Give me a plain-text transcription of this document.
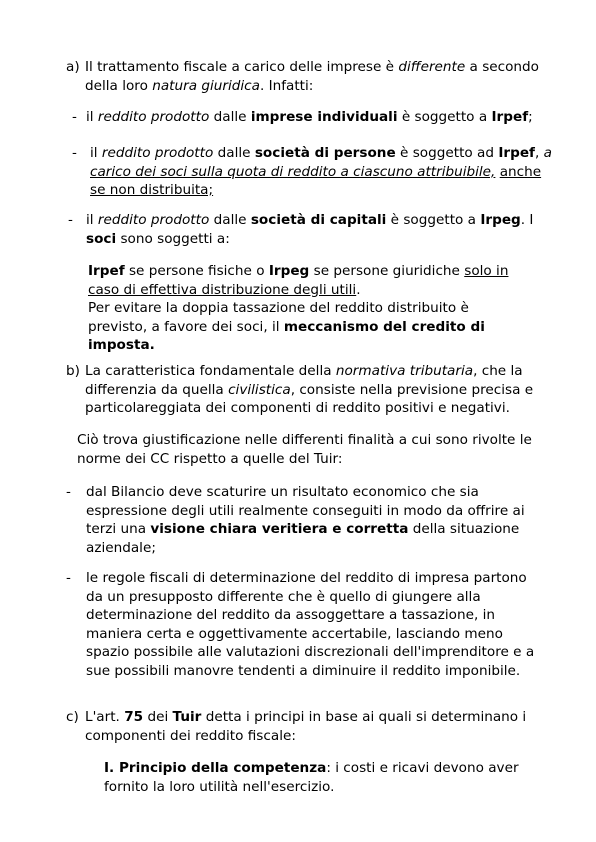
a) Il trattamento fiscale a carico delle imprese è differente a secondo
della loro natura giuridica. Infatti:
- il reddito prodotto dalle imprese individuali è soggetto a Irpef;
- il reddito prodotto dalle società di persone è soggetto ad Irpef, a
carico dei soci sulla quota di reddito a ciascuno attribuibile, anche
se non distribuita;
- il reddito prodotto dalle società di capitali è soggetto a Irpeg. I
soci sono soggetti a:
Irpef se persone fisiche o Irpeg se persone giuridiche solo in
caso di effettiva distribuzione degli utili.
Per evitare la doppia tassazione del reddito distribuito è
previsto, a favore dei soci, il meccanismo del credito di
imposta.
b) La caratteristica fondamentale della normativa tributaria, che la
differenzia da quella civilistica, consiste nella previsione precisa e
particolareggiata dei componenti di reddito positivi e negativi.
Ciò trova giustificazione nelle differenti finalità a cui sono rivolte le
norme dei CC rispetto a quelle del Tuir:
- dal Bilancio deve scaturire un risultato economico che sia
espressione degli utili realmente conseguiti in modo da offrire ai
terzi una visione chiara veritiera e corretta della situazione
aziendale;
- le regole fiscali di determinazione del reddito di impresa partono
da un presupposto differente che è quello di giungere alla
determinazione del reddito da assoggettare a tassazione, in
maniera certa e oggettivamente accertabile, lasciando meno
spazio possibile alle valutazioni discrezionali dell'imprenditore e a
sue possibili manovre tendenti a diminuire il reddito imponibile.
c) L'art. 75 dei Tuir detta i principi in base ai quali si determinano i
componenti dei reddito fiscale:
I. Principio della competenza: i costi e ricavi devono aver
fornito la loro utilità nell'esercizio.
